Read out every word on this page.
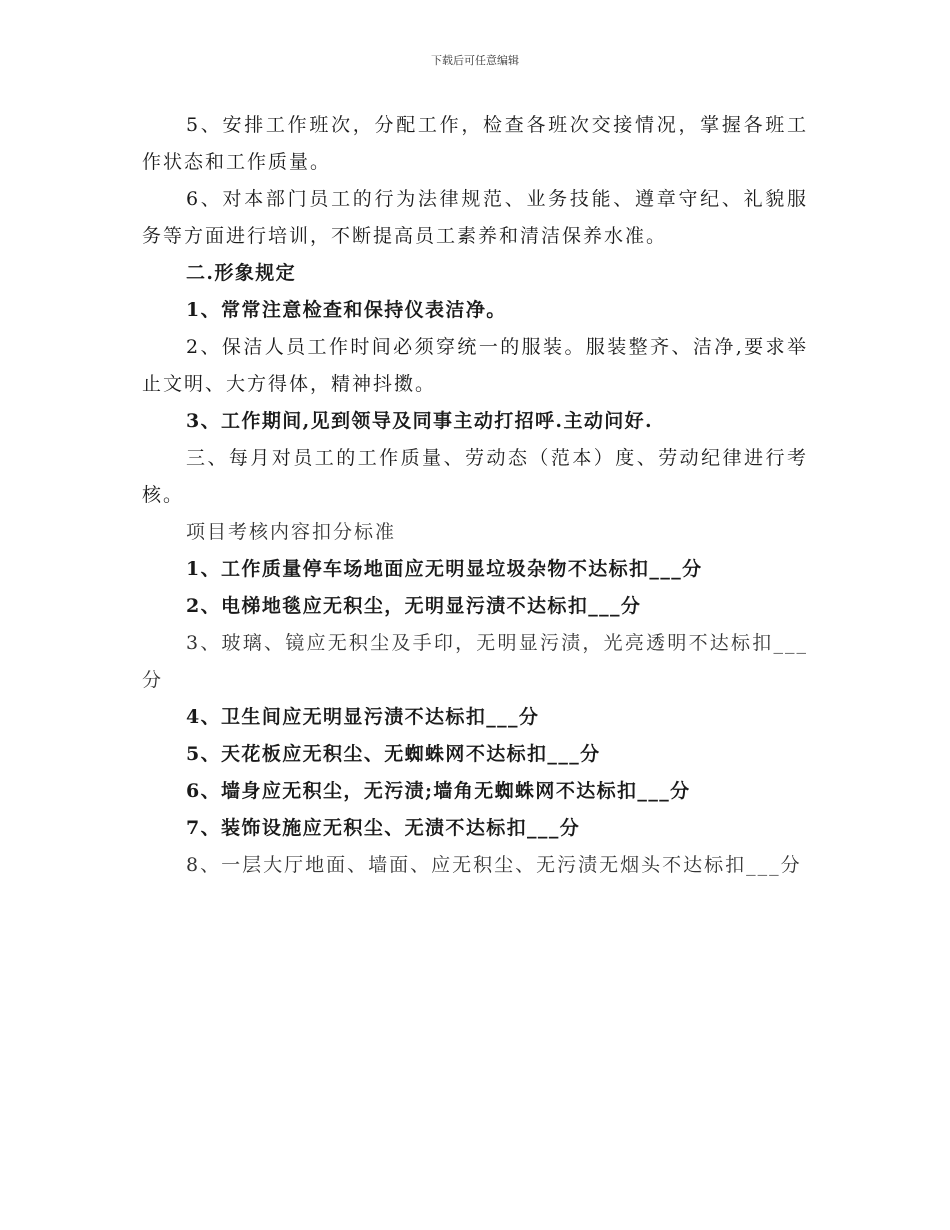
下载后可任意编辑

5、安排工作班次，分配工作，检查各班次交接情况，掌握各班工作状态和工作质量。

6、对本部门员工的行为法律规范、业务技能、遵章守纪、礼貌服务等方面进行培训，不断提高员工素养和清洁保养水准。

二.形象规定

1、常常注意检查和保持仪表洁净。

2、保洁人员工作时间必须穿统一的服装。服装整齐、洁净,要求举止文明、大方得体，精神抖擞。

3、工作期间,见到领导及同事主动打招呼.主动问好.

三、每月对员工的工作质量、劳动态（范本）度、劳动纪律进行考核。

项目考核内容扣分标准

1、工作质量停车场地面应无明显垃圾杂物不达标扣___分

2、电梯地毯应无积尘，无明显污渍不达标扣___分

3、玻璃、镜应无积尘及手印，无明显污渍，光亮透明不达标扣___分

4、卫生间应无明显污渍不达标扣___分

5、天花板应无积尘、无蜘蛛网不达标扣___分

6、墙身应无积尘，无污渍;墙角无蜘蛛网不达标扣___分

7、装饰设施应无积尘、无渍不达标扣___分

8、一层大厅地面、墙面、应无积尘、无污渍无烟头不达标扣___分
